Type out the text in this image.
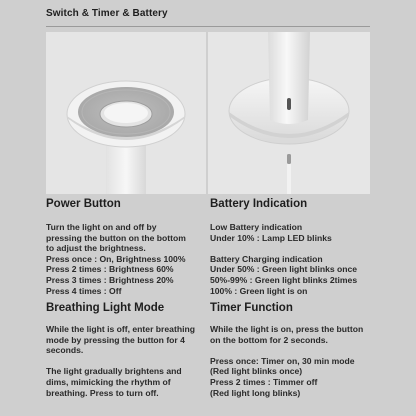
Switch & Timer & Battery
Power Button
Turn the light on and off by
pressing the button on the bottom
to adjust the brightness.
Press once : On, Brightness 100%
Press 2 times : Brightness 60%
Press 3 times : Brightness 20%
Press 4 times : Off
Battery Indication
Low Battery indication
Under 10% : Lamp LED blinks
Battery Charging indication
Under 50% : Green light blinks once
50%-99% : Green light blinks 2times
100% : Green light is on
Breathing Light Mode
While the light is off, enter breathing
mode by pressing the button for 4
seconds.
The light gradually brightens and
dims, mimicking the rhythm of
breathing. Press to turn off.
Timer Function
While the light is on, press the button
on the bottom for 2 seconds.
Press once: Timer on, 30 min mode
(Red light blinks once)
Press 2 times : Timmer off
(Red light long blinks)
